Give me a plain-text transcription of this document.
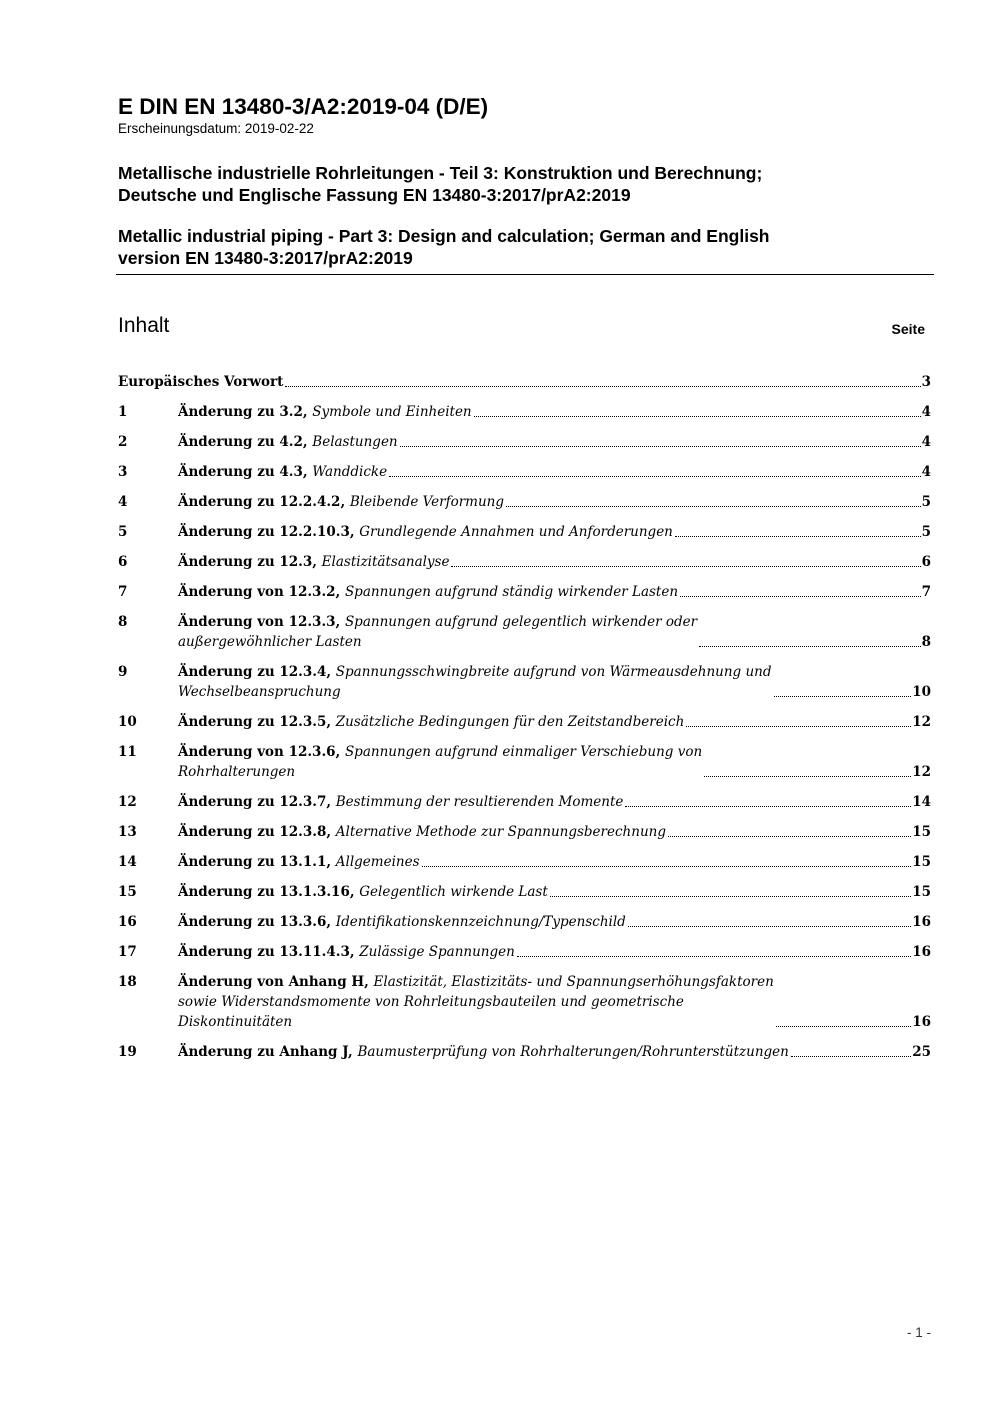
E DIN EN 13480-3/A2:2019-04 (D/E)
Erscheinungsdatum: 2019-02-22
Metallische industrielle Rohrleitungen - Teil 3: Konstruktion und Berechnung;
Deutsche und Englische Fassung EN 13480-3:2017/prA2:2019
Metallic industrial piping - Part 3: Design and calculation; German and English
version EN 13480-3:2017/prA2:2019
Inhalt	Seite
Europäisches Vorwort	3
1	Änderung zu 3.2, Symbole und Einheiten	4
2	Änderung zu 4.2, Belastungen	4
3	Änderung zu 4.3, Wanddicke	4
4	Änderung zu 12.2.4.2, Bleibende Verformung	5
5	Änderung zu 12.2.10.3, Grundlegende Annahmen und Anforderungen	5
6	Änderung zu 12.3, Elastizitätsanalyse	6
7	Änderung von 12.3.2, Spannungen aufgrund ständig wirkender Lasten	7
8	Änderung von 12.3.3, Spannungen aufgrund gelegentlich wirkender oder
außergewöhnlicher Lasten	8
9	Änderung zu 12.3.4, Spannungsschwingbreite aufgrund von Wärmeausdehnung und
Wechselbeanspruchung	10
10	Änderung zu 12.3.5, Zusätzliche Bedingungen für den Zeitstandbereich	12
11	Änderung von 12.3.6, Spannungen aufgrund einmaliger Verschiebung von
Rohrhalterungen	12
12	Änderung zu 12.3.7, Bestimmung der resultierenden Momente	14
13	Änderung zu 12.3.8, Alternative Methode zur Spannungsberechnung	15
14	Änderung zu 13.1.1, Allgemeines	15
15	Änderung zu 13.1.3.16, Gelegentlich wirkende Last	15
16	Änderung zu 13.3.6, Identifikationskennzeichnung/Typenschild	16
17	Änderung zu 13.11.4.3, Zulässige Spannungen	16
18	Änderung von Anhang H, Elastizität, Elastizitäts- und Spannungserhöhungsfaktoren
sowie Widerstandsmomente von Rohrleitungsbauteilen und geometrische
Diskontinuitäten	16
19	Änderung zu Anhang J, Baumusterprüfung von Rohrhalterungen/Rohrunterstützungen	25
- 1 -
